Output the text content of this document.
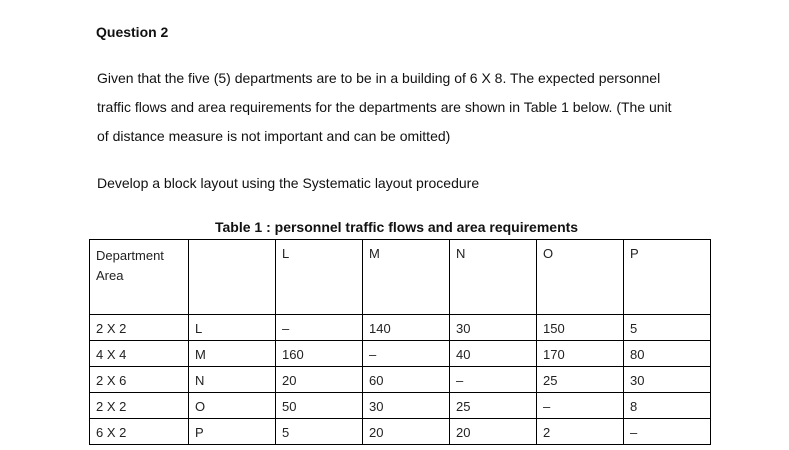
Question 2
Given that the five (5) departments are to be in a building of 6 X 8. The expected personnel
traffic flows and area requirements for the departments are shown in Table 1 below. (The unit
of distance measure is not important and can be omitted)
Develop a block layout using the Systematic layout procedure
Table 1 : personnel traffic flows and area requirements
Department
Area		L	M	N	O	P

2 X 2	L	–	140	30	150	5

4 X 4	M	160	–	40	170	80

2 X 6	N	20	60	–	25	30

2 X 2	O	50	30	25	–	8

6 X 2	P	5	20	20	2	–
